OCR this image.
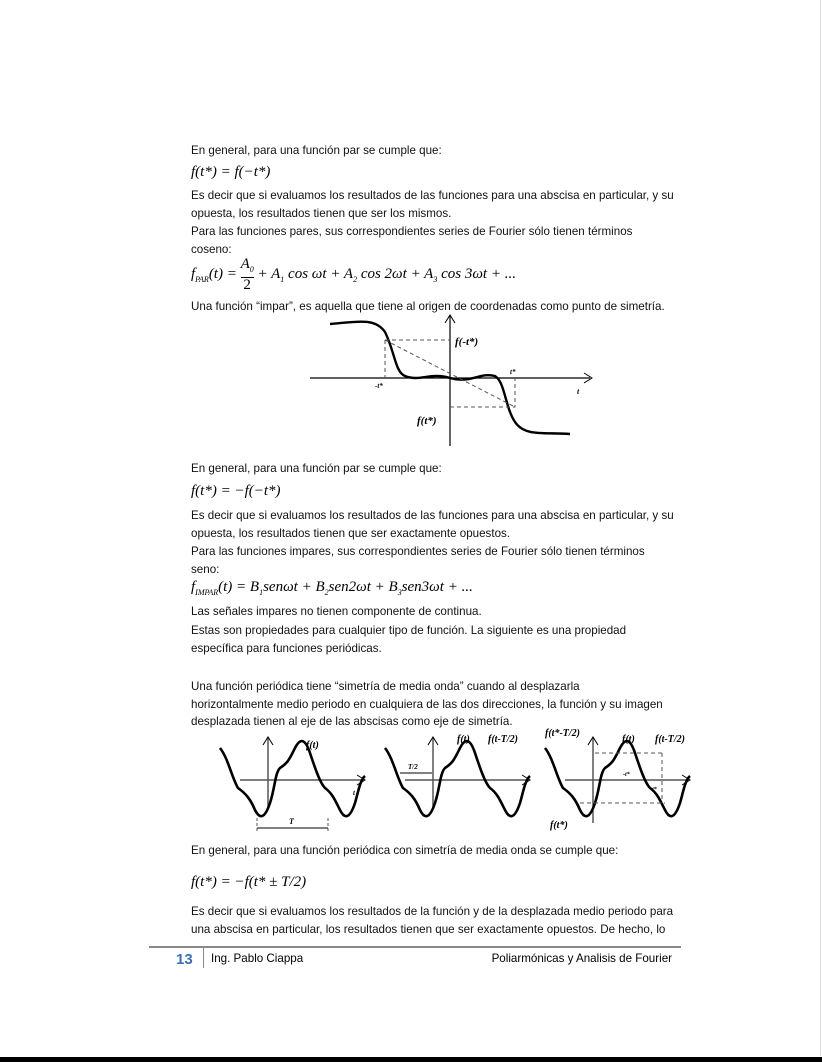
En general, para una función par se cumple que:
f(t*) = f(−t*)
Es decir que si evaluamos los resultados de las funciones para una abscisa en particular, y su
opuesta, los resultados tienen que ser los mismos.
Para las funciones pares, sus correspondientes series de Fourier sólo tienen términos
coseno:
$f_{PAR}(t) = \frac{A_0}{2} + A_1$ $\cos \omega t + A_2$ $\cos 2\omega t + A_3$ cos 3ωt + ...
Una función “impar”, es aquella que tiene al origen de coordenadas como punto de simetría.
f(-t*)
f(t*)
t*
-t*
t
En general, para una función par se cumple que:
f(t*) = −f(−t*)
Es decir que si evaluamos los resultados de las funciones para una abscisa en particular, y su
opuesta, los resultados tienen que ser exactamente opuestos.
Para las funciones impares, sus correspondientes series de Fourier sólo tienen términos
seno:
$f_{IMPAR}(t) = B_1sen\omega t + B_2sen2\omega t + B_3sen3\omega t$ + ...
Las señales impares no tienen componente de continua.
Estas son propiedades para cualquier tipo de función. La siguiente es una propiedad
específica para funciones periódicas.
Una función periódica tiene “simetría de media onda” cuando al desplazarla
horizontalmente medio periodo en cualquiera de las dos direcciones, la función y su imagen
desplazada tienen al eje de las abscisas como eje de simetría.
T
f(t)
t
T/2
f(t) f(t-T/2)
f(t*-T/2)
f(t) f(t-T/2)
f(t*)
-t*
t*
En general, para una función periódica con simetría de media onda se cumple que:
f(t*) = −f(t* ± T/2)
Es decir que si evaluamos los resultados de la función y de la desplazada medio periodo para
una abscisa en particular, los resultados tienen que ser exactamente opuestos. De hecho, lo
13 Ing. Pablo Ciappa	Poliarmónicas y Analisis de Fourier
